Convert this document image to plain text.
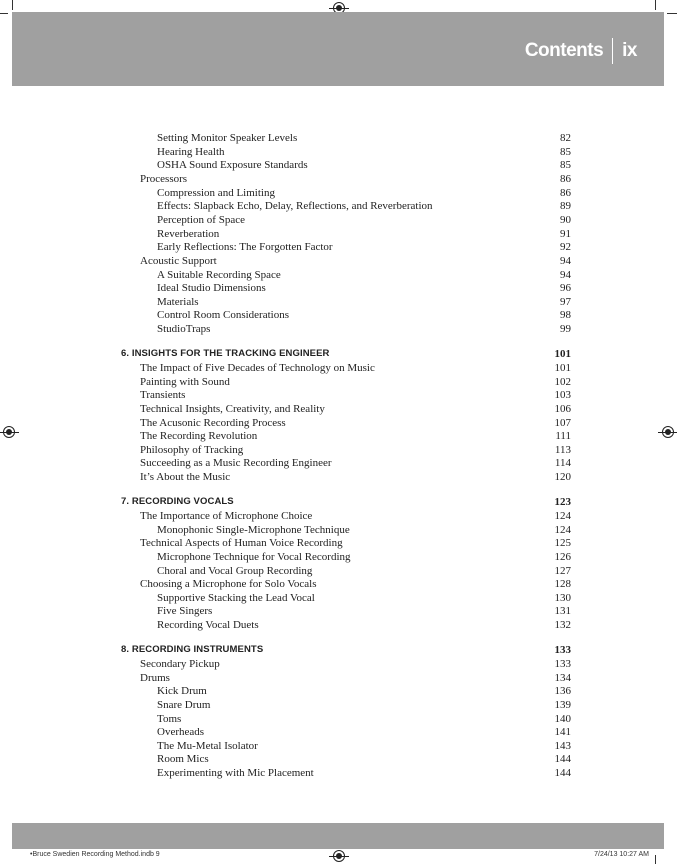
Contents ix
Setting Monitor Speaker Levels	82
Hearing Health	85
OSHA Sound Exposure Standards	85
Processors	86
Compression and Limiting	86
Effects: Slapback Echo, Delay, Reflections, and Reverberation	89
Perception of Space	90
Reverberation	91
Early Reflections: The Forgotten Factor	92
Acoustic Support	94
A Suitable Recording Space	94
Ideal Studio Dimensions	96
Materials	97
Control Room Considerations	98
StudioTraps	99
6. INSIGHTS FOR THE TRACKING ENGINEER	101
The Impact of Five Decades of Technology on Music	101
Painting with Sound	102
Transients	103
Technical Insights, Creativity, and Reality	106
The Acusonic Recording Process	107
The Recording Revolution	111
Philosophy of Tracking	113
Succeeding as a Music Recording Engineer	114
It’s About the Music	120
7. RECORDING VOCALS	123
The Importance of Microphone Choice	124
Monophonic Single-Microphone Technique	124
Technical Aspects of Human Voice Recording	125
Microphone Technique for Vocal Recording	126
Choral and Vocal Group Recording	127
Choosing a Microphone for Solo Vocals	128
Supportive Stacking the Lead Vocal	130
Five Singers	131
Recording Vocal Duets	132
8. RECORDING INSTRUMENTS	133
Secondary Pickup	133
Drums	134
Kick Drum	136
Snare Drum	139
Toms	140
Overheads	141
The Mu-Metal Isolator	143
Room Mics	144
Experimenting with Mic Placement	144
•Bruce Swedien Recording Method.indb 9	7/24/13 10:27 AM
